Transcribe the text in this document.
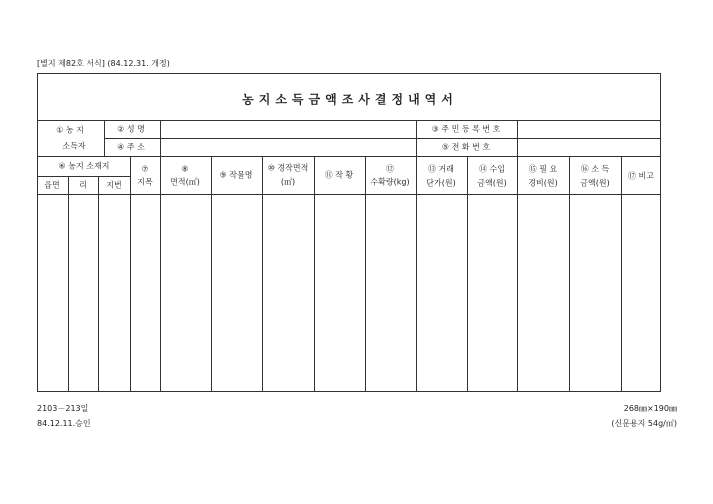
[별지 제82호 서식] (84.12.31. 개정)
농지소득금액조사결정내역서
① 농 지
소득자
② 성 명
④ 주 소
③ 주 민 등 록 번 호
⑤ 전 화 번 호
⑥ 농지 소재지
읍면 리 지번
⑦
지목
⑧
면적(㎡)
⑨ 작물명
⑩ 경작면적
(㎡)
⑪ 작 황
⑫
수확량(kg)
⑬ 거래
단가(원)
⑭ 수입
금액(원)
⑮ 필 요
경비(원)
⑯ 소 득
금액(원)
⑰ 비고
2103－213일
84.12.11.승인
268㎜×190㎜
(신문용지 54g/㎡)
